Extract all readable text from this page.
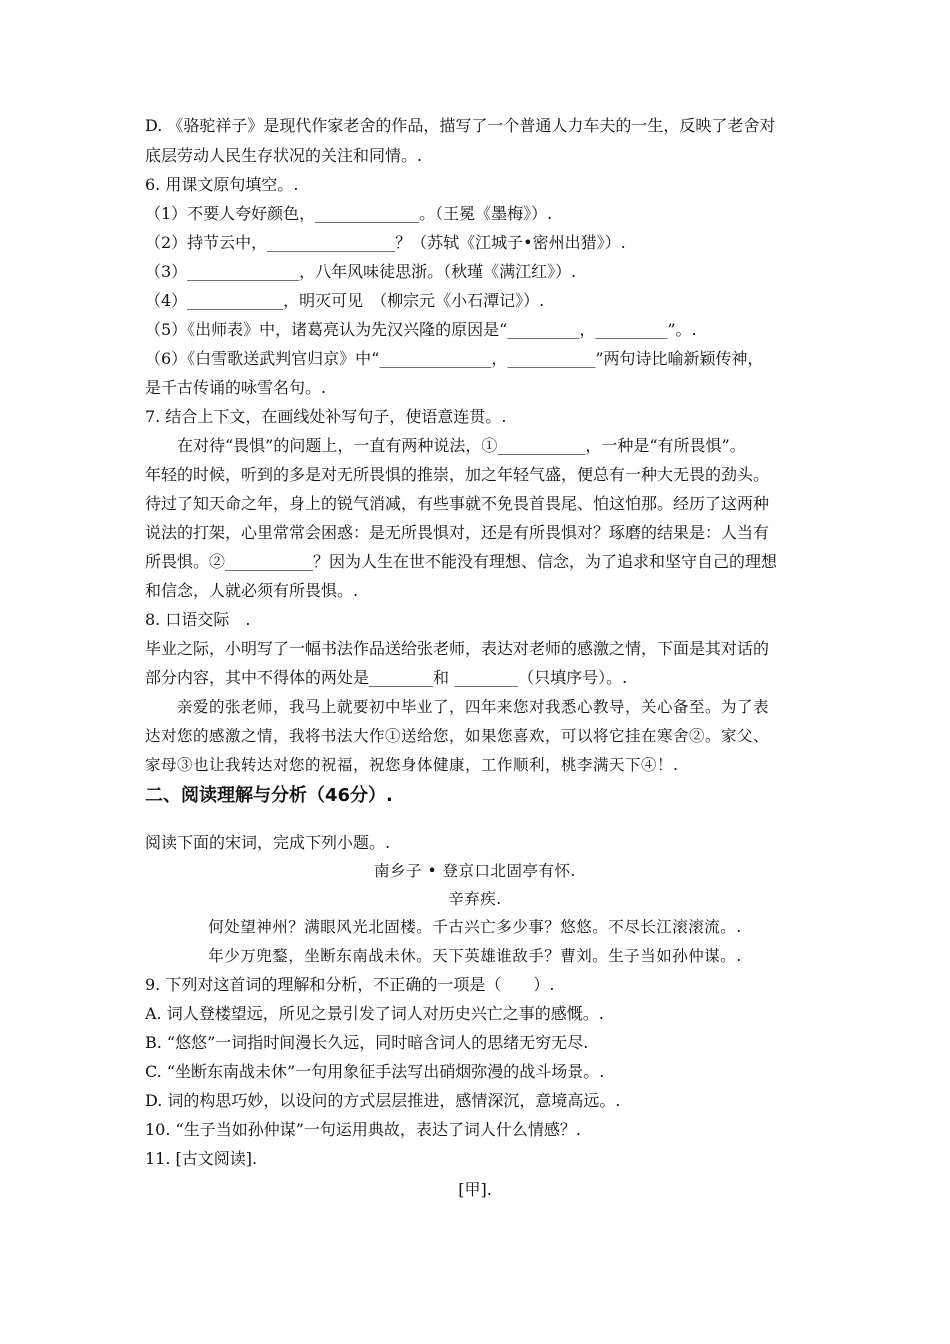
D. 《骆驼祥子》是现代作家老舍的作品，描写了一个普通人力车夫的一生，反映了老舍对
底层劳动人民生存状况的关注和同情。.
6. 用课文原句填空。.
（1）不要人夸好颜色，_____________。（王冕《墨梅》）.
（2）持节云中，________________？（苏轼《江城子•密州出猎》）.
（3）______________，八年风味徒思浙。（秋瑾《满江红》）.
（4）____________，明灭可见　（柳宗元《小石潭记》）.
（5）《出师表》中，诸葛亮认为先汉兴隆的原因是“_________，_________”。.
（6）《白雪歌送武判官归京》中“______________，___________”两句诗比喻新颖传神，
是千古传诵的咏雪名句。.
7. 结合上下文，在画线处补写句子，使语意连贯。.
在对待“畏惧”的问题上，一直有两种说法，①___________，一种是“有所畏惧”。
年轻的时候，听到的多是对无所畏惧的推崇，加之年轻气盛，便总有一种大无畏的劲头。
待过了知天命之年，身上的锐气消减，有些事就不免畏首畏尾、怕这怕那。经历了这两种
说法的打架，心里常常会困惑：是无所畏惧对，还是有所畏惧对？琢磨的结果是：人当有
所畏惧。②___________？因为人生在世不能没有理想、信念，为了追求和坚守自己的理想
和信念，人就必须有所畏惧。.
8. 口语交际　.
毕业之际，小明写了一幅书法作品送给张老师，表达对老师的感激之情，下面是其对话的
部分内容，其中不得体的两处是________和 ________（只填序号）。.
亲爱的张老师，我马上就要初中毕业了，四年来您对我悉心教导，关心备至。为了表
达对您的感激之情，我将书法大作①送给您，如果您喜欢，可以将它挂在寒舍②。家父、
家母③也让我转达对您的祝福，祝您身体健康，工作顺利，桃李满天下④！.
二、阅读理解与分析（46分）.
阅读下面的宋词，完成下列小题。.
南乡子 • 登京口北固亭有怀.
辛弃疾.
何处望神州？满眼风光北固楼。千古兴亡多少事？悠悠。不尽长江滚滚流。.
年少万兜鍪，坐断东南战未休。天下英雄谁敌手？曹刘。生子当如孙仲谋。.
9. 下列对这首词的理解和分析，不正确的一项是（　　）.
A. 词人登楼望远，所见之景引发了词人对历史兴亡之事的感慨。.
B. “悠悠”一词指时间漫长久远，同时暗含词人的思绪无穷无尽.
C. “坐断东南战未休”一句用象征手法写出硝烟弥漫的战斗场景。.
D. 词的构思巧妙，以设问的方式层层推进，感情深沉，意境高远。.
10. “生子当如孙仲谋”一句运用典故，表达了词人什么情感？.
11. [古文阅读].
[甲].
